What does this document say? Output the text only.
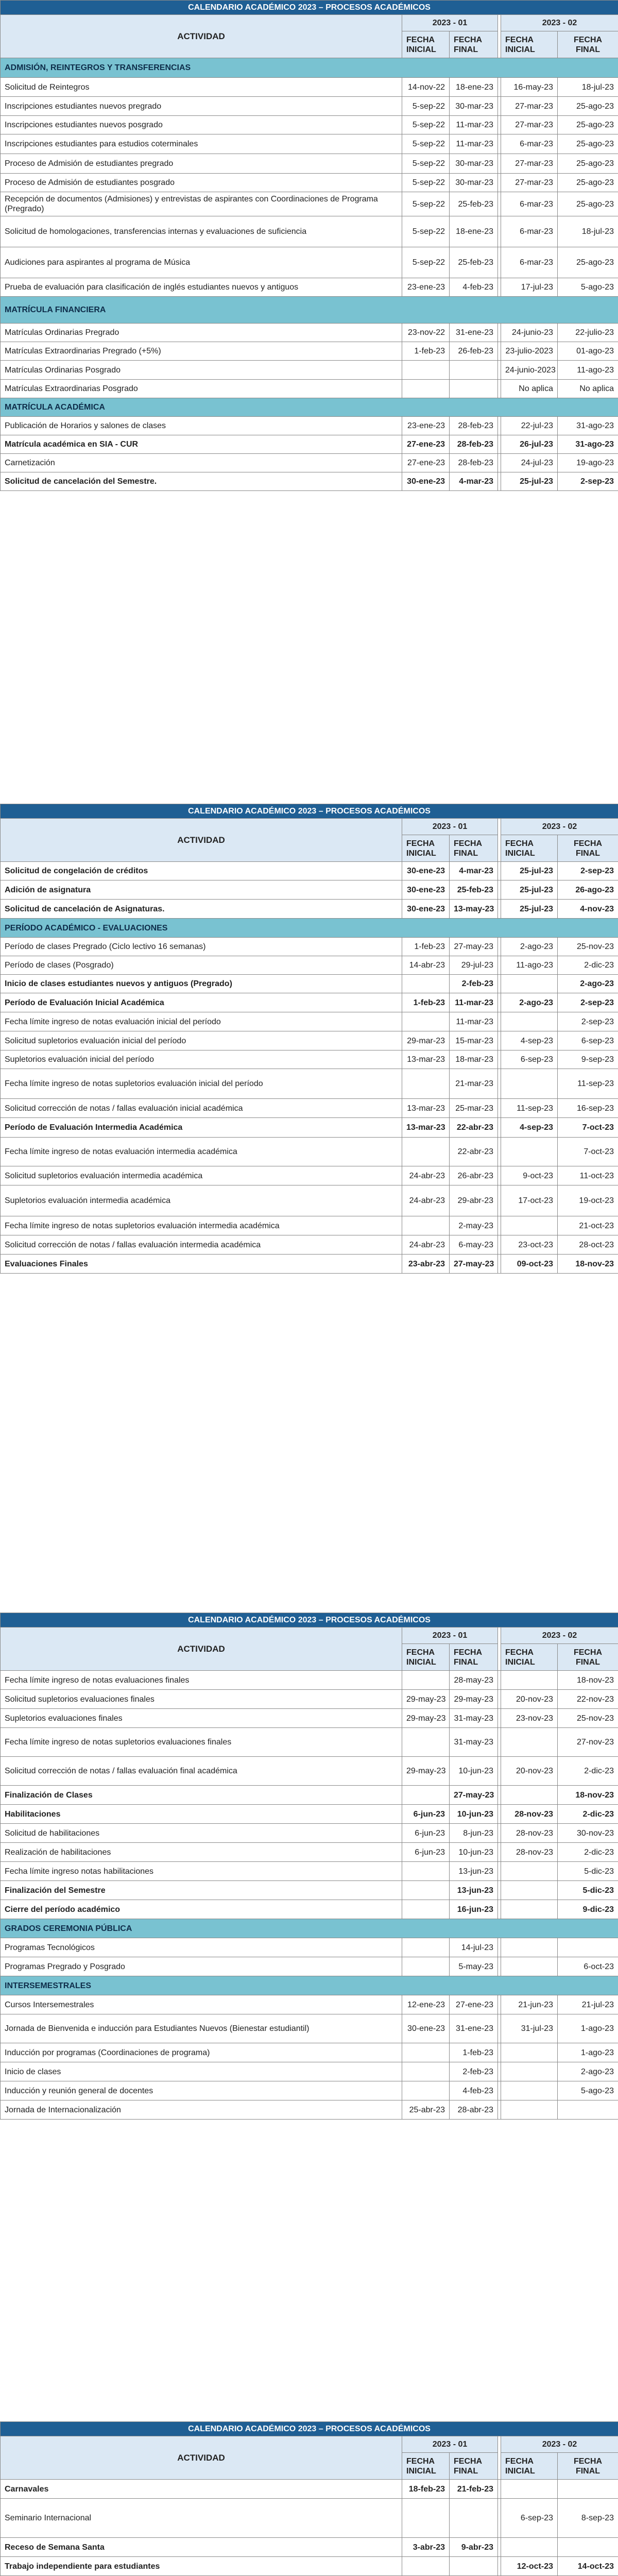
CALENDARIO ACADÉMICO 2023 – PROCESOS ACADÉMICOS					
ACTIVIDAD	2023 - 01			2023 - 02	
	FECHA INICIAL	FECHA FINAL		FECHA INICIAL	FECHA FINAL
ADMISIÓN, REINTEGROS Y TRANSFERENCIAS					
Solicitud de Reintegros	14-nov-22	18-ene-23		16-may-23	18-jul-23
Inscripciones estudiantes nuevos pregrado	5-sep-22	30-mar-23		27-mar-23	25-ago-23
Inscripciones estudiantes nuevos posgrado	5-sep-22	11-mar-23		27-mar-23	25-ago-23
Inscripciones estudiantes para estudios coterminales	5-sep-22	11-mar-23		6-mar-23	25-ago-23
Proceso de Admisión de estudiantes pregrado	5-sep-22	30-mar-23		27-mar-23	25-ago-23
Proceso de Admisión de estudiantes posgrado	5-sep-22	30-mar-23		27-mar-23	25-ago-23
Recepción de documentos (Admisiones) y entrevistas de aspirantes con Coordinaciones de Programa (Pregrado)	5-sep-22	25-feb-23		6-mar-23	25-ago-23
Solicitud de homologaciones, transferencias internas y evaluaciones de suficiencia	5-sep-22	18-ene-23		6-mar-23	18-jul-23
Audiciones para aspirantes al programa de Música	5-sep-22	25-feb-23		6-mar-23	25-ago-23
Prueba de evaluación para clasificación de inglés estudiantes nuevos y antiguos	23-ene-23	4-feb-23		17-jul-23	5-ago-23
MATRÍCULA FINANCIERA					
Matrículas Ordinarias Pregrado	23-nov-22	31-ene-23		24-junio-23	22-julio-23
Matrículas Extraordinarias Pregrado (+5%)	1-feb-23	26-feb-23		23-julio-2023	01-ago-23
Matrículas Ordinarias Posgrado				24-junio-2023	11-ago-23
Matrículas Extraordinarias Posgrado				No aplica	No aplica
MATRÍCULA ACADÉMICA					
Publicación de Horarios y salones de clases	23-ene-23	28-feb-23		22-jul-23	31-ago-23
Matrícula académica en SIA - CUR	27-ene-23	28-feb-23		26-jul-23	31-ago-23
Carnetización	27-ene-23	28-feb-23		24-jul-23	19-ago-23
Solicitud de cancelación del Semestre.	30-ene-23	4-mar-23		25-jul-23	2-sep-23
CALENDARIO ACADÉMICO 2023 – PROCESOS ACADÉMICOS					
ACTIVIDAD	2023 - 01			2023 - 02	
	FECHA INICIAL	FECHA FINAL		FECHA INICIAL	FECHA FINAL
Solicitud de congelación de créditos	30-ene-23	4-mar-23		25-jul-23	2-sep-23
Adición de asignatura	30-ene-23	25-feb-23		25-jul-23	26-ago-23
Solicitud de cancelación de Asignaturas.	30-ene-23	13-may-23		25-jul-23	4-nov-23
PERÍODO ACADÉMICO - EVALUACIONES					
Período de clases Pregrado (Ciclo lectivo 16 semanas)	1-feb-23	27-may-23		2-ago-23	25-nov-23
Período de clases (Posgrado)	14-abr-23	29-jul-23		11-ago-23	2-dic-23
Inicio de clases estudiantes nuevos y antiguos (Pregrado)		2-feb-23			2-ago-23
Período de Evaluación Inicial Académica	1-feb-23	11-mar-23		2-ago-23	2-sep-23
Fecha límite ingreso de notas evaluación inicial del período		11-mar-23			2-sep-23
Solicitud supletorios evaluación inicial del período	29-mar-23	15-mar-23		4-sep-23	6-sep-23
Supletorios evaluación inicial del período	13-mar-23	18-mar-23		6-sep-23	9-sep-23
Fecha límite ingreso de notas supletorios evaluación inicial del período		21-mar-23			11-sep-23
Solicitud corrección de notas / fallas evaluación inicial académica	13-mar-23	25-mar-23		11-sep-23	16-sep-23
Período de Evaluación Intermedia Académica	13-mar-23	22-abr-23		4-sep-23	7-oct-23
Fecha límite ingreso de notas evaluación intermedia académica		22-abr-23			7-oct-23
Solicitud supletorios evaluación intermedia académica	24-abr-23	26-abr-23		9-oct-23	11-oct-23
Supletorios evaluación intermedia académica	24-abr-23	29-abr-23		17-oct-23	19-oct-23
Fecha límite ingreso de notas supletorios evaluación intermedia académica		2-may-23			21-oct-23
Solicitud corrección de notas / fallas evaluación intermedia académica	24-abr-23	6-may-23		23-oct-23	28-oct-23
Evaluaciones Finales	23-abr-23	27-may-23		09-oct-23	18-nov-23
CALENDARIO ACADÉMICO 2023 – PROCESOS ACADÉMICOS					
ACTIVIDAD	2023 - 01			2023 - 02	
	FECHA INICIAL	FECHA FINAL		FECHA INICIAL	FECHA FINAL
Fecha límite ingreso de notas evaluaciones finales		28-may-23			18-nov-23
Solicitud supletorios evaluaciones finales	29-may-23	29-may-23		20-nov-23	22-nov-23
Supletorios evaluaciones finales	29-may-23	31-may-23		23-nov-23	25-nov-23
Fecha límite ingreso de notas supletorios evaluaciones finales		31-may-23			27-nov-23
Solicitud corrección de notas / fallas evaluación final académica	29-may-23	10-jun-23		20-nov-23	2-dic-23
Finalización de Clases		27-may-23			18-nov-23
Habilitaciones	6-jun-23	10-jun-23		28-nov-23	2-dic-23
Solicitud de habilitaciones	6-jun-23	8-jun-23		28-nov-23	30-nov-23
Realización de habilitaciones	6-jun-23	10-jun-23		28-nov-23	2-dic-23
Fecha límite ingreso notas habilitaciones		13-jun-23			5-dic-23
Finalización del Semestre		13-jun-23			5-dic-23
Cierre del período académico		16-jun-23			9-dic-23
GRADOS CEREMONIA PÚBLICA					
Programas Tecnológicos		14-jul-23			
Programas Pregrado y Posgrado		5-may-23			6-oct-23
INTERSEMESTRALES					
Cursos Intersemestrales	12-ene-23	27-ene-23		21-jun-23	21-jul-23
Jornada de Bienvenida e inducción para Estudiantes Nuevos (Bienestar estudiantil)	30-ene-23	31-ene-23		31-jul-23	1-ago-23
Inducción por programas (Coordinaciones de programa)		1-feb-23			1-ago-23
Inicio de clases		2-feb-23			2-ago-23
Inducción y reunión general de docentes		4-feb-23			5-ago-23
Jornada de Internacionalización	25-abr-23	28-abr-23			
CALENDARIO ACADÉMICO 2023 – PROCESOS ACADÉMICOS					
ACTIVIDAD	2023 - 01			2023 - 02	
	FECHA INICIAL	FECHA FINAL		FECHA INICIAL	FECHA FINAL
Carnavales	18-feb-23	21-feb-23			
Seminario Internacional				6-sep-23	8-sep-23
Receso de Semana Santa	3-abr-23	9-abr-23			
Trabajo independiente para estudiantes				12-oct-23	14-oct-23
